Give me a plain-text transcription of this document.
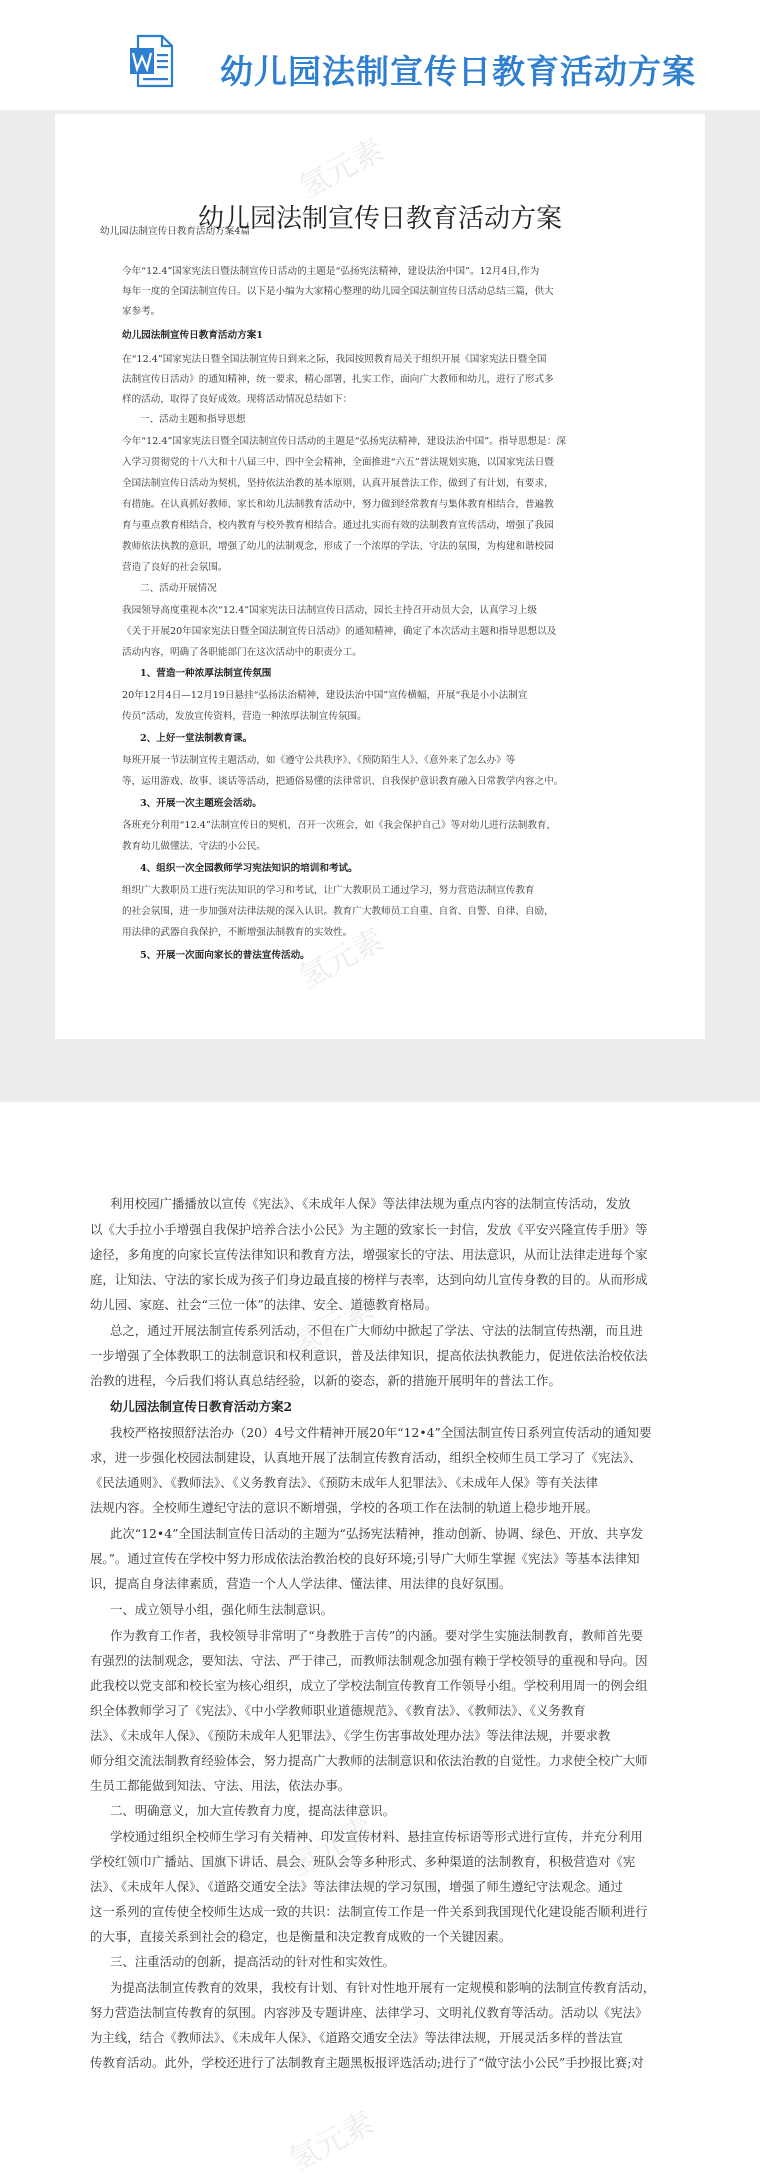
幼儿园法制宣传日教育活动方案
幼儿园法制宣传日教育活动方案

幼儿园法制宣传日教育活动方案4篇

今年“12.4”国家宪法日暨法制宣传日活动的主题是“弘扬宪法精神，建设法治中国”。12月4日,作为

每年一度的全国法制宣传日。以下是小编为大家精心整理的幼儿园全国法制宣传日活动总结三篇，供大

家参考。

幼儿园法制宣传日教育活动方案1

在“12.4”国家宪法日暨全国法制宣传日到来之际，我园按照教育局关于组织开展《国家宪法日暨全国

法制宣传日活动》的通知精神，统一要求，精心部署，扎实工作，面向广大教师和幼儿，进行了形式多

样的活动，取得了良好成效。现将活动情况总结如下：

一、活动主题和指导思想

今年“12.4”国家宪法日暨全国法制宣传日活动的主题是“弘扬宪法精神，建设法治中国”。指导思想是：深

入学习贯彻党的十八大和十八届三中、四中全会精神，全面推进“六五”普法规划实施，以国家宪法日暨

全国法制宣传日活动为契机，坚持依法治教的基本原则，认真开展普法工作，做到了有计划，有要求，

有措施。在认真抓好教师、家长和幼儿法制教育活动中，努力做到经常教育与集体教育相结合，普遍教

育与重点教育相结合，校内教育与校外教育相结合。通过扎实而有效的法制教育宣传活动，增强了我园

教师依法执教的意识，增强了幼儿的法制观念，形成了一个浓厚的学法、守法的氛围，为构建和谐校园

营造了良好的社会氛围。

二、活动开展情况

我园领导高度重视本次“12.4”国家宪法日法制宣传日活动，园长主持召开动员大会，认真学习上级

《关于开展20年国家宪法日暨全国法制宣传日活动》的通知精神，确定了本次活动主题和指导思想以及

活动内容，明确了各职能部门在这次活动中的职责分工。

1、营造一种浓厚法制宣传氛围

20年12月4日—12月19日悬挂“弘扬法治精神，建设法治中国”宣传横幅，开展“我是小小法制宣

传员”活动，发放宣传资料，营造一种浓厚法制宣传氛围。

2、上好一堂法制教育课。

每班开展一节法制宣传主题活动，如《遵守公共秩序》、《预防陌生人》、《意外来了怎么办》等

等，运用游戏、故事、谈话等活动，把通俗易懂的法律常识、自我保护意识教育融入日常教学内容之中。

3、开展一次主题班会活动。

各班充分利用“12.4”法制宣传日的契机，召开一次班会，如《我会保护自己》等对幼儿进行法制教育，

教育幼儿做懂法、守法的小公民。

4、组织一次全园教师学习宪法知识的培训和考试。

组织广大教职员工进行宪法知识的学习和考试，让广大教职员工通过学习，努力营造法制宣传教育

的社会氛围，进一步加强对法律法规的深入认识。教育广大教师员工自重、自省、自警、自律、自励，

用法律的武器自我保护，不断增强法制教育的实效性。

5、开展一次面向家长的普法宣传活动。

氢元素
氢元素

利用校园广播播放以宣传《宪法》、《未成年人保》等法律法规为重点内容的法制宣传活动，发放

以《大手拉小手增强自我保护培养合法小公民》为主题的致家长一封信，发放《平安兴隆宣传手册》等

途径，多角度的向家长宣传法律知识和教育方法，增强家长的守法、用法意识，从而让法律走进每个家

庭，让知法、守法的家长成为孩子们身边最直接的榜样与表率，达到向幼儿宣传身教的目的。从而形成

幼儿园、家庭、社会“三位一体”的法律、安全、道德教育格局。

总之，通过开展法制宣传系列活动，不但在广大师幼中掀起了学法、守法的法制宣传热潮，而且进

一步增强了全体教职工的法制意识和权利意识，普及法律知识，提高依法执教能力，促进依法治校依法

治教的进程，今后我们将认真总结经验，以新的姿态，新的措施开展明年的普法工作。

幼儿园法制宣传日教育活动方案2

我校严格按照舒法治办（20）4号文件精神开展20年“12•4”全国法制宣传日系列宣传活动的通知要

求，进一步强化校园法制建设，认真地开展了法制宣传教育活动，组织全校师生员工学习了《宪法》、

《民法通则》、《教师法》、《义务教育法》、《预防未成年人犯罪法》、《未成年人保》等有关法律

法规内容。全校师生遵纪守法的意识不断增强，学校的各项工作在法制的轨道上稳步地开展。

此次“12•4”全国法制宣传日活动的主题为“弘扬宪法精神，推动创新、协调、绿色、开放、共享发

展。”。通过宣传在学校中努力形成依法治教治校的良好环境;引导广大师生掌握《宪法》等基本法律知

识，提高自身法律素质，营造一个人人学法律、懂法律、用法律的良好氛围。

一、成立领导小组，强化师生法制意识。

作为教育工作者，我校领导非常明了“身教胜于言传”的内涵。要对学生实施法制教育，教师首先要

有强烈的法制观念，要知法、守法、严于律己，而教师法制观念加强有赖于学校领导的重视和导向。因

此我校以党支部和校长室为核心组织，成立了学校法制宣传教育工作领导小组。学校利用周一的例会组

织全体教师学习了《宪法》、《中小学教师职业道德规范》、《教育法》、《教师法》、《义务教育

法》、《未成年人保》、《预防未成年人犯罪法》、《学生伤害事故处理办法》等法律法规，并要求教

师分组交流法制教育经验体会，努力提高广大教师的法制意识和依法治教的自觉性。力求使全校广大师

生员工都能做到知法、守法、用法，依法办事。

二、明确意义，加大宣传教育力度，提高法律意识。

学校通过组织全校师生学习有关精神、印发宣传材料、悬挂宣传标语等形式进行宣传，并充分利用

学校红领巾广播站、国旗下讲话、晨会、班队会等多种形式、多种渠道的法制教育，积极营造对《宪

法》、《未成年人保》、《道路交通安全法》等法律法规的学习氛围，增强了师生遵纪守法观念。通过

这一系列的宣传使全校师生达成一致的共识：法制宣传工作是一件关系到我国现代化建设能否顺利进行

的大事，直接关系到社会的稳定，也是衡量和决定教育成败的一个关键因素。

三、注重活动的创新，提高活动的针对性和实效性。

为提高法制宣传教育的效果，我校有计划、有针对性地开展有一定规模和影响的法制宣传教育活动，

努力营造法制宣传教育的氛围。内容涉及专题讲座、法律学习、文明礼仪教育等活动。活动以《宪法》

为主线，结合《教师法》、《未成年人保》、《道路交通安全法》等法律法规，开展灵活多样的普法宣

传教育活动。此外，学校还进行了法制教育主题黑板报评选活动;进行了“做守法小公民”手抄报比赛;对

氢元素
氢元素
氢元素
